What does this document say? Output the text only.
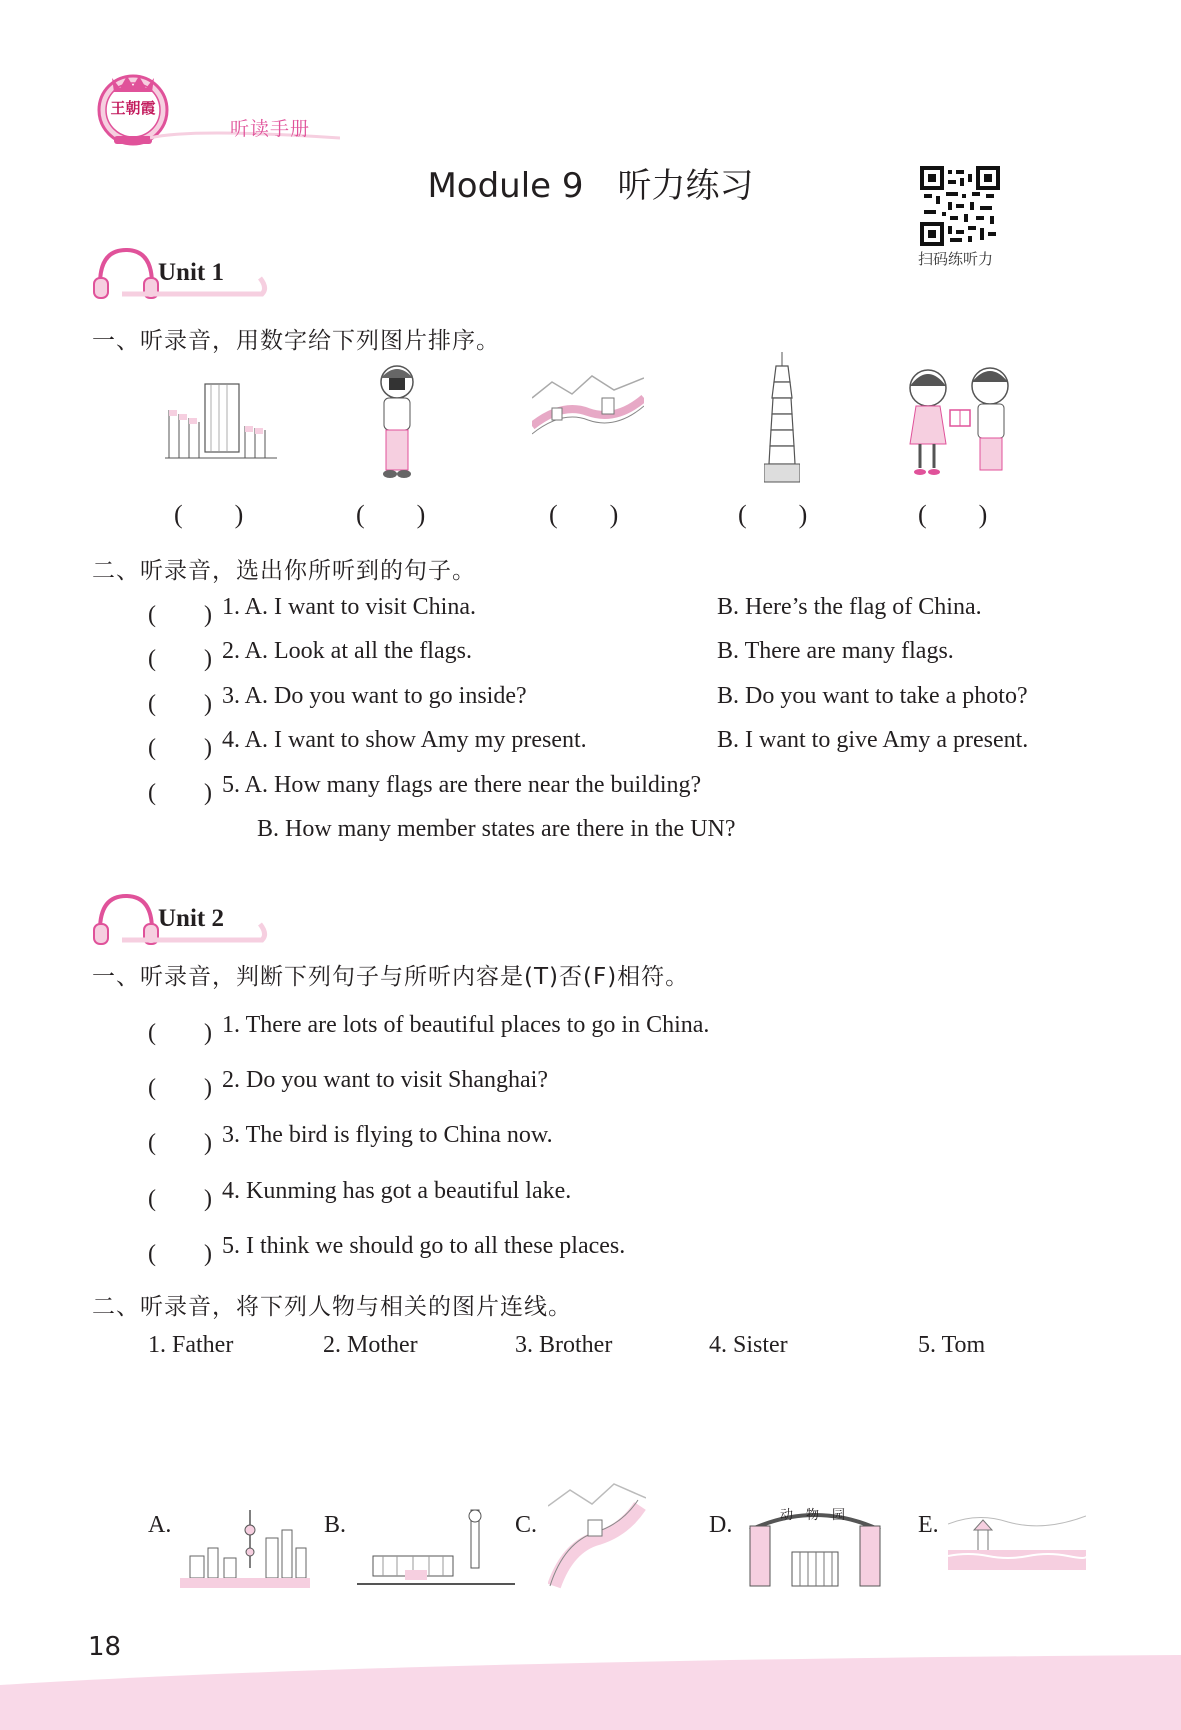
王朝霞
听读手册
Module 9　听力练习
扫码练听力
Unit 1
一、听录音，用数字给下列图片排序。
(　　)	(　　)	(　　)	(　　)	(　　)
二、听录音，选出你所听到的句子。
(　　) 1. A. I want to visit China.	B. Here’s the flag of China.
(　　) 2. A. Look at all the flags.	B. There are many flags.
(　　) 3. A. Do you want to go inside?	B. Do you want to take a photo?
(　　) 4. A. I want to show Amy my present.	B. I want to give Amy a present.
(　　) 5. A. How many flags are there near the building?
B. How many member states are there in the UN?
Unit 2
一、听录音，判断下列句子与所听内容是(T)否(F)相符。
(　　) 1. There are lots of beautiful places to go in China.
(　　) 2. Do you want to visit Shanghai?
(　　) 3. The bird is flying to China now.
(　　) 4. Kunming has got a beautiful lake.
(　　) 5. I think we should go to all these places.
二、听录音，将下列人物与相关的图片连线。
1. Father	2. Mother	3. Brother	4. Sister	5. Tom
A.	B.	C.	D.	动　物　园	E.
18
